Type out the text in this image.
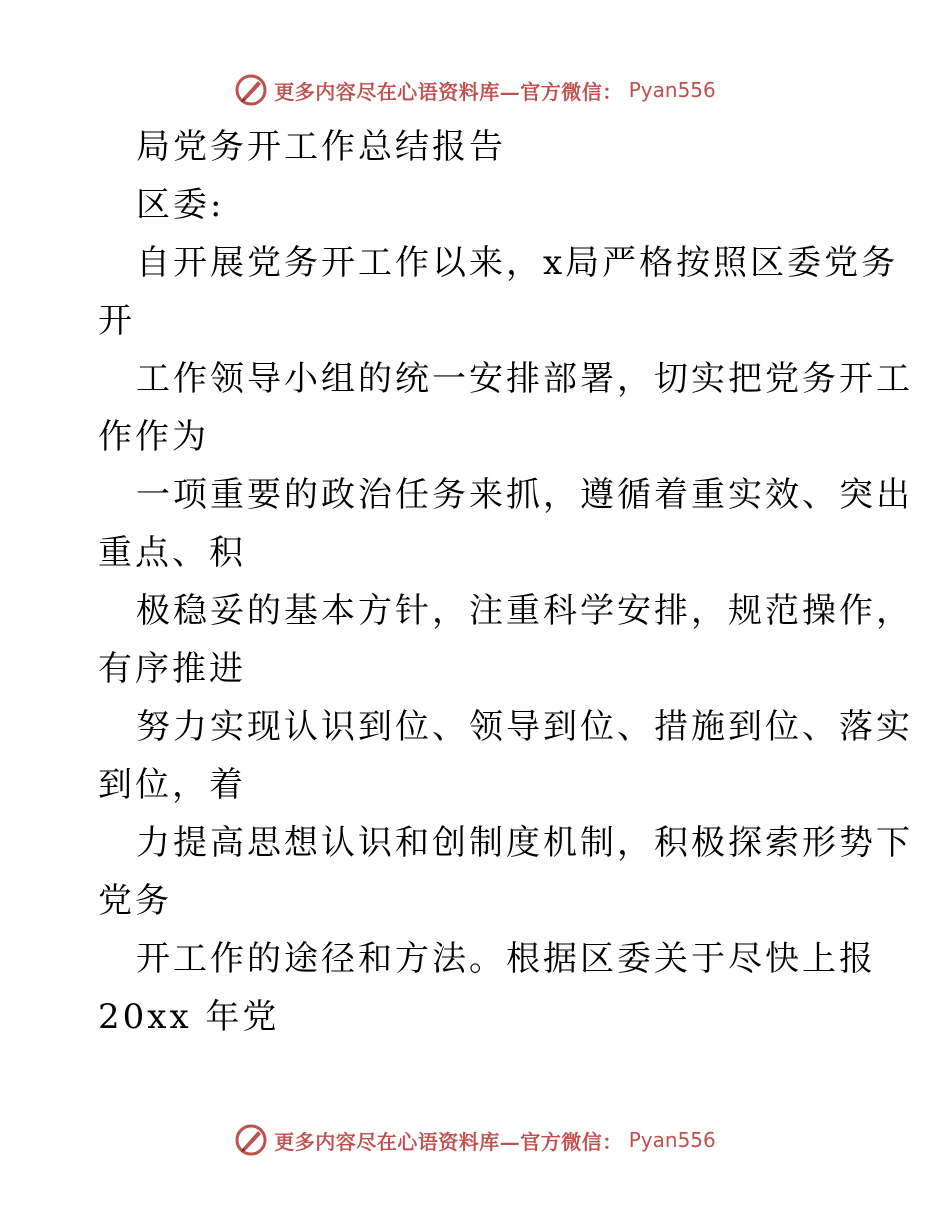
更多内容尽在心语资料库—官方微信： Pyan556
局党务开工作总结报告
区委:
自开展党务开工作以来，x局严格按照区委党务
开
工作领导小组的统一安排部署，切实把党务开工
作作为
一项重要的政治任务来抓，遵循着重实效、突出
重点、积
极稳妥的基本方针，注重科学安排，规范操作，
有序推进
努力实现认识到位、领导到位、措施到位、落实
到位，着
力提高思想认识和创制度机制，积极探索形势下
党务
开工作的途径和方法。根据区委关于尽快上报
20xx 年党
更多内容尽在心语资料库—官方微信： Pyan556
